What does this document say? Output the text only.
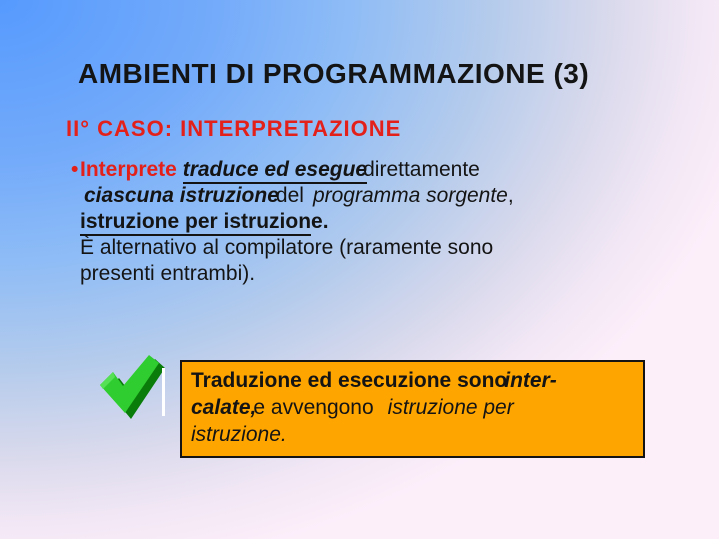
AMBIENTI DI PROGRAMMAZIONE (3)
II° CASO: INTERPRETAZIONE
• Interprete traduce ed eseguedirettamente
ciascuna istruzionedel programma sorgente,
istruzione per istruzione.
È alternativo al compilatore (raramente sono
presenti entrambi).
Traduzione ed esecuzione sonointer-
calate,e avvengono istruzione per
istruzione.
